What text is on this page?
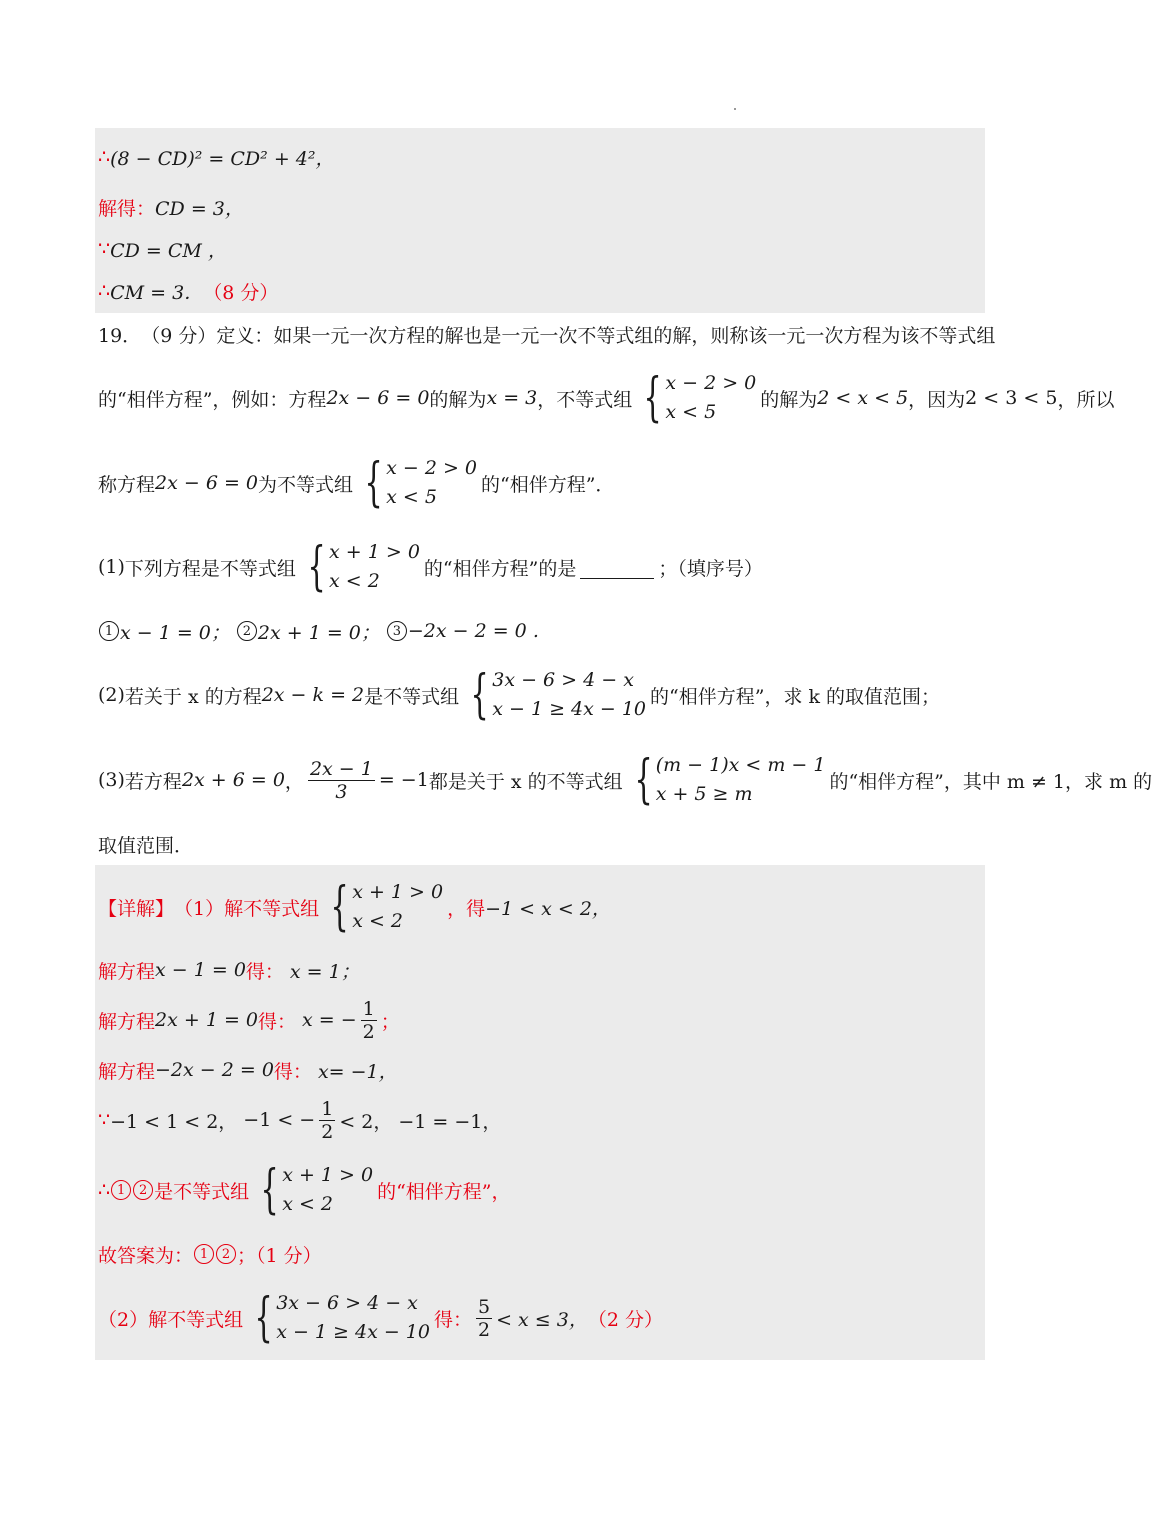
∴ (8 − CD)² = CD² + 4²，
解得： CD = 3，
∵ CD = CM ，
∴ CM = 3． （8 分）
19． （9 分） 定义：如果一元一次方程的解也是一元一次不等式组的解，则称该一元一次方程为该不等式组
的“相伴方程”，例如：方程 2x − 6 = 0 的解为 x = 3 ，不等式组 { x − 2 > 0
x < 5
的解为 2 < x < 5 ，因为 2 < 3 < 5 ，所以
称方程 2x − 6 = 0 为不等式组 { x − 2 > 0
x < 5
的“相伴方程”．
(1) 下列方程是不等式组 { x + 1 > 0
x < 2
的“相伴方程”的是	；（填序号）
1 x − 1 = 0； 2 2x + 1 = 0； 3 −2x − 2 = 0 .
(2) 若关于 x 的方程 2x − k = 2 是不等式组 { 3x − 6 > 4 − x
x − 1 ≥ 4x − 10
的“相伴方程”，求 k 的取值范围；
(3) 若方程 2x + 6 = 0 ， $\frac{2x - 1}{3} = -1$ 都是关于 x 的不等式组 { (m − 1)x < m − 1
x + 5 ≥ m
的“相伴方程”，其中 m ≠ 1，求 m 的
取值范围．
【详解】 （1）解不等式组 { x + 1 > 0
x < 2
，得 −1 < x < 2，
解方程 x − 1 = 0 得： x = 1；
解方程 2x + 1 = 0 得： x = − $\frac{1}{2}$ ；
解方程 −2x − 2 = 0 得： x= −1，
∵ −1 < 1 < 2， −1 < − $\frac{1}{2} < 2$， −1 = −1，
∴ 1	2 是不等式组 { x + 1 > 0
x < 2
的“相伴方程”，
故答案为： 1	2 ；（1 分）
（2）解不等式组 { 3x − 6 > 4 − x
x − 1 ≥ 4x − 10
得： $\frac{5}{2} < x \le 3$， （2 分）
